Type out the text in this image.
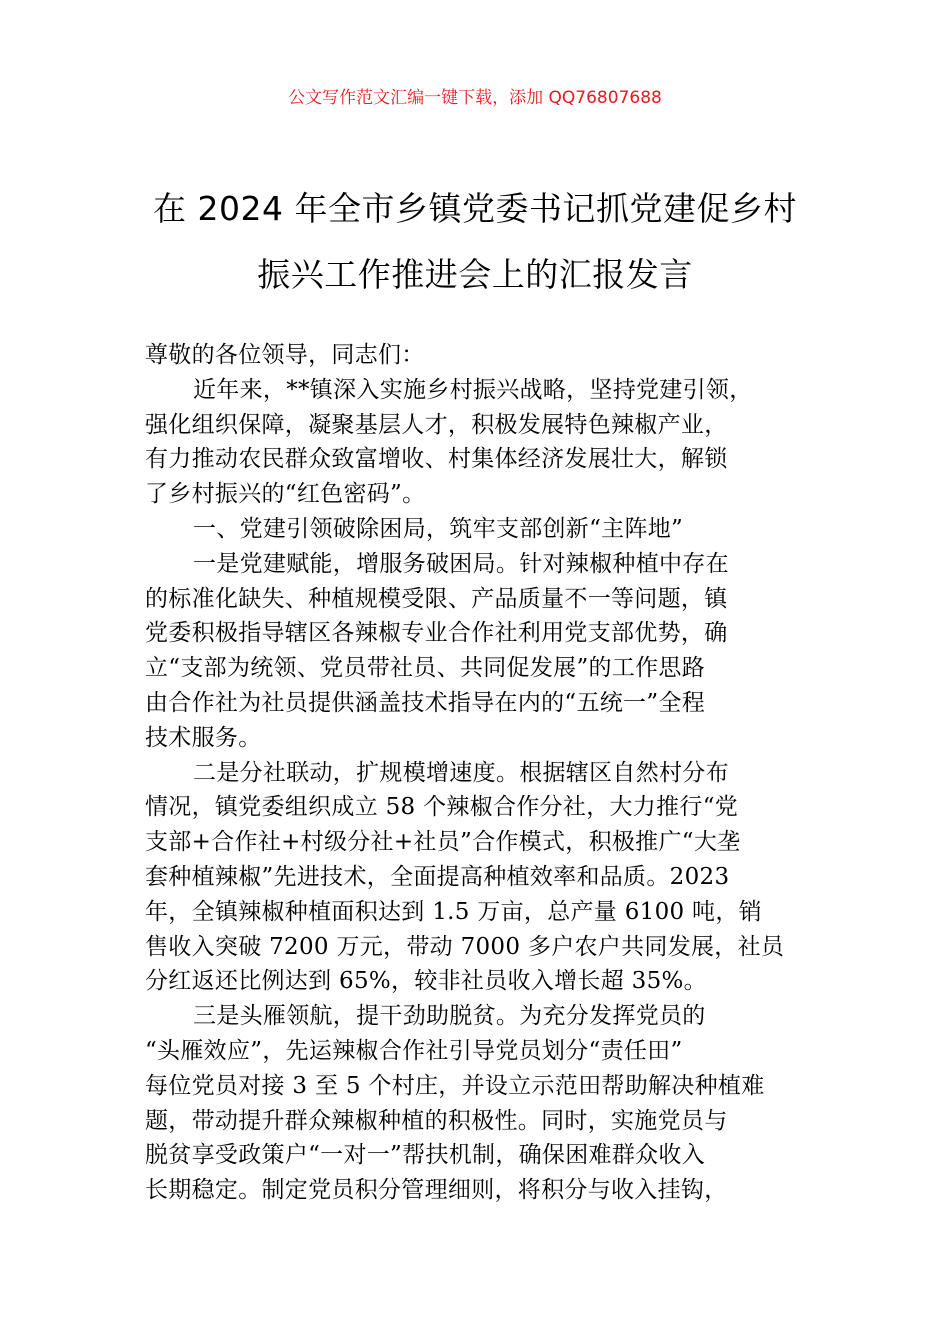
公文写作范文汇编一键下载，添加 QQ76807688
在 2024 年全市乡镇党委书记抓党建促乡村
振兴工作推进会上的汇报发言
尊敬的各位领导，同志们：
近年来，**镇深入实施乡村振兴战略，坚持党建引领，
强化组织保障，凝聚基层人才，积极发展特色辣椒产业，
有力推动农民群众致富增收、村集体经济发展壮大，解锁
了乡村振兴的“红色密码”。
一、党建引领破除困局，筑牢支部创新“主阵地”
一是党建赋能，增服务破困局。针对辣椒种植中存在
的标准化缺失、种植规模受限、产品质量不一等问题，镇
党委积极指导辖区各辣椒专业合作社利用党支部优势，确
立“支部为统领、党员带社员、共同促发展”的工作思路
由合作社为社员提供涵盖技术指导在内的“五统一”全程
技术服务。
二是分社联动，扩规模增速度。根据辖区自然村分布
情况，镇党委组织成立 58 个辣椒合作分社，大力推行“党
支部+合作社+村级分社+社员”合作模式，积极推广“大垄
套种植辣椒”先进技术，全面提高种植效率和品质。2023
年，全镇辣椒种植面积达到 1.5 万亩，总产量 6100 吨，销
售收入突破 7200 万元，带动 7000 多户农户共同发展，社员
分红返还比例达到 65%，较非社员收入增长超 35%。
三是头雁领航，提干劲助脱贫。为充分发挥党员的
“头雁效应”，先运辣椒合作社引导党员划分“责任田”
每位党员对接 3 至 5 个村庄，并设立示范田帮助解决种植难
题，带动提升群众辣椒种植的积极性。同时，实施党员与
脱贫享受政策户“一对一”帮扶机制，确保困难群众收入
长期稳定。制定党员积分管理细则，将积分与收入挂钩，
